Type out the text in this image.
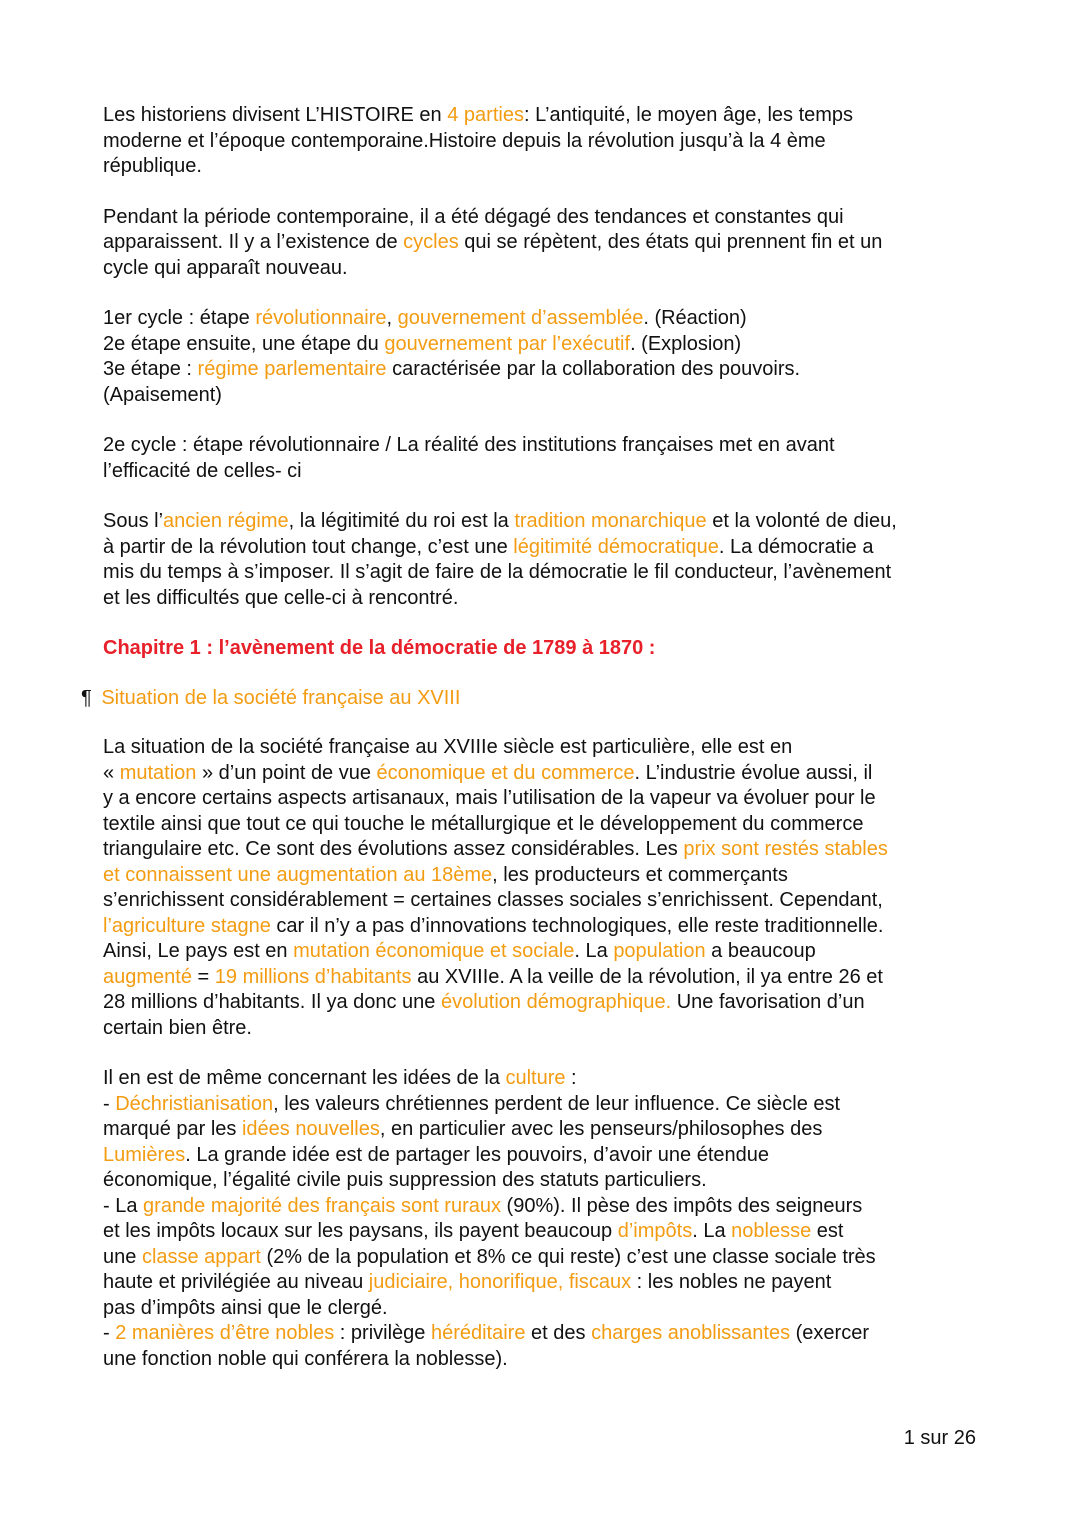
Les historiens divisent L’HISTOIRE en 4 parties: L’antiquité, le moyen âge, les temps
moderne et l’époque contemporaine.Histoire depuis la révolution jusqu’à la 4 ème
république.
Pendant la période contemporaine, il a été dégagé des tendances et constantes qui
apparaissent. Il y a l’existence de cycles qui se répètent, des états qui prennent fin et un
cycle qui apparaît nouveau.
1er cycle : étape révolutionnaire, gouvernement d’assemblée. (Réaction)
2e étape ensuite, une étape du gouvernement par l’exécutif. (Explosion)
3e étape : régime parlementaire caractérisée par la collaboration des pouvoirs.
(Apaisement)
2e cycle : étape révolutionnaire / La réalité des institutions françaises met en avant
l’efficacité de celles- ci
Sous l’ancien régime, la légitimité du roi est la tradition monarchique et la volonté de dieu,
à partir de la révolution tout change, c’est une légitimité démocratique. La démocratie a
mis du temps à s’imposer. Il s’agit de faire de la démocratie le fil conducteur, l’avènement
et les difficultés que celle-ci à rencontré.
Chapitre 1 : l’avènement de la démocratie de 1789 à 1870 :
¶ Situation de la société française au XVIII
La situation de la société française au XVIIIe siècle est particulière, elle est en
« mutation » d’un point de vue économique et du commerce. L’industrie évolue aussi, il
y a encore certains aspects artisanaux, mais l’utilisation de la vapeur va évoluer pour le
textile ainsi que tout ce qui touche le métallurgique et le développement du commerce
triangulaire etc. Ce sont des évolutions assez considérables. Les prix sont restés stables
et connaissent une augmentation au 18ème, les producteurs et commerçants
s’enrichissent considérablement = certaines classes sociales s’enrichissent. Cependant,
l’agriculture stagne car il n’y a pas d’innovations technologiques, elle reste traditionnelle.
Ainsi, Le pays est en mutation économique et sociale. La population a beaucoup
augmenté = 19 millions d’habitants au XVIIIe. A la veille de la révolution, il ya entre 26 et
28 millions d’habitants. Il ya donc une évolution démographique. Une favorisation d’un
certain bien être.
Il en est de même concernant les idées de la culture :
- Déchristianisation, les valeurs chrétiennes perdent de leur influence. Ce siècle est
marqué par les idées nouvelles, en particulier avec les penseurs/philosophes des
Lumières. La grande idée est de partager les pouvoirs, d’avoir une étendue
économique, l’égalité civile puis suppression des statuts particuliers.
- La grande majorité des français sont ruraux (90%). Il pèse des impôts des seigneurs
et les impôts locaux sur les paysans, ils payent beaucoup d’impôts. La noblesse est
une classe appart (2% de la population et 8% ce qui reste) c’est une classe sociale très
haute et privilégiée au niveau judiciaire, honorifique, fiscaux : les nobles ne payent
pas d’impôts ainsi que le clergé.
- 2 manières d’être nobles : privilège héréditaire et des charges anoblissantes (exercer
une fonction noble qui conférera la noblesse).
1 sur 26
